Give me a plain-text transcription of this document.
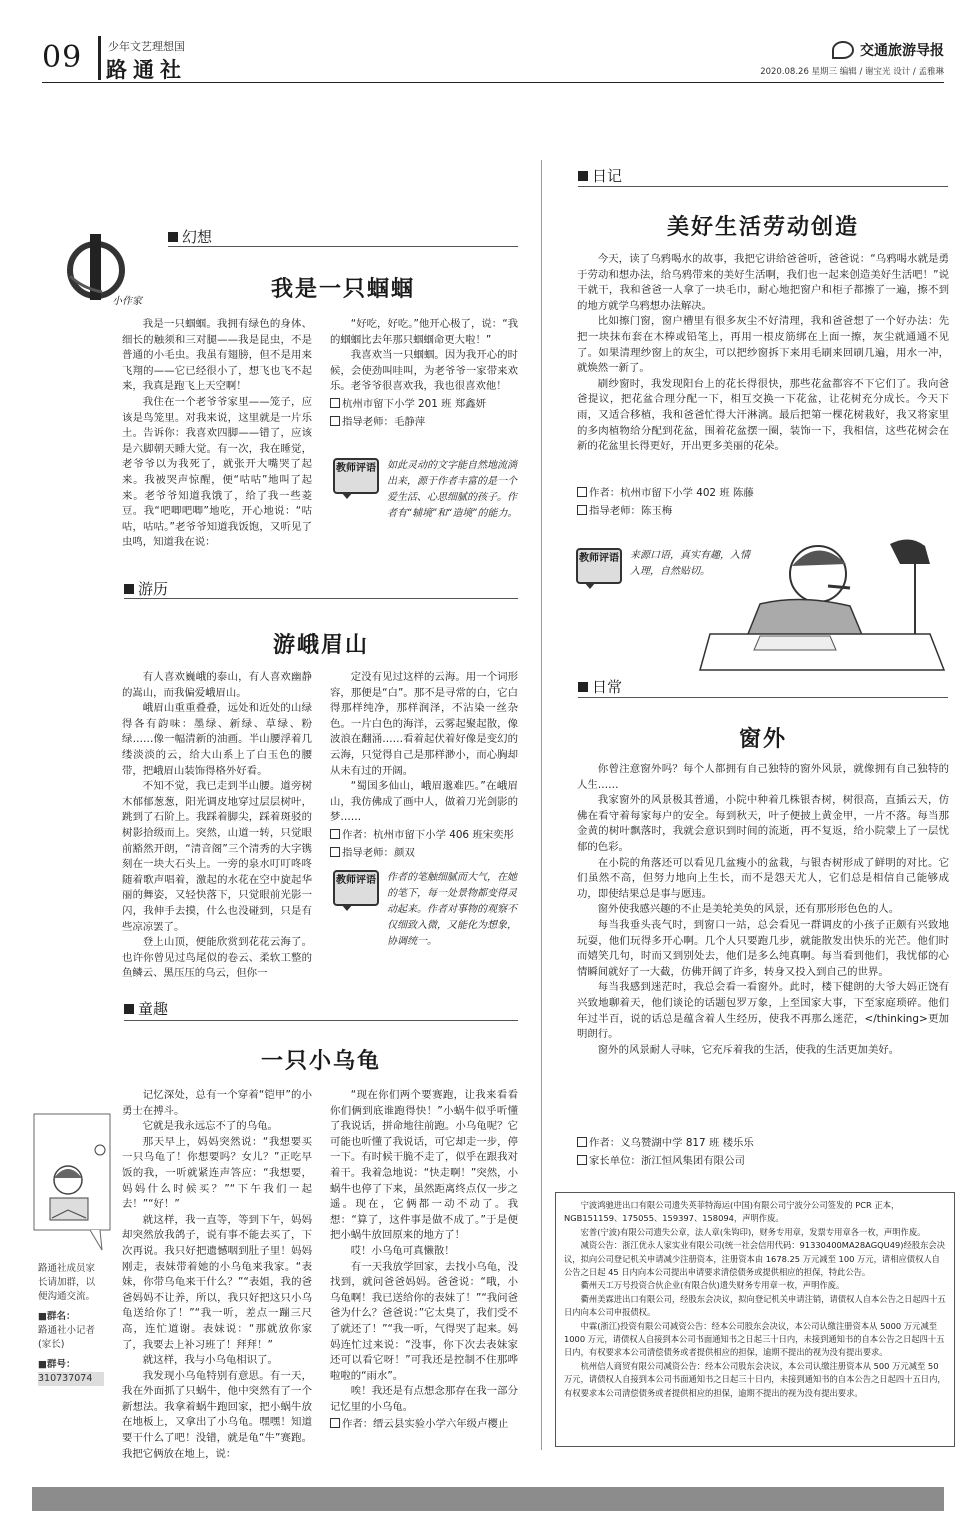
09 少年文艺理想国
路通社
交通旅游导报
2020.08.26 星期三 编辑 / 谢宝光 设计 / 孟雅琳
小作家
幻想
我是一只蝈蝈

我是一只蝈蝈。我拥有绿色的身体、细长的触须和三对腿——我是昆虫，不是普通的小毛虫。我虽有翅膀，但不是用来飞翔的——它已经很小了，想飞也飞不起来，我真是跑飞上天空啊！

我住在一个老爷爷家里——笼子，应该是鸟笼里。对我来说，这里就是一片乐土。告诉你：我喜欢四脚——错了，应该是六脚朝天睡大觉。有一次，我在睡觉，老爷爷以为我死了，就张开大嘴哭了起来。我被哭声惊醒，便“咕咕”地叫了起来。老爷爷知道我饿了，给了我一些菱豆。我“吧唧吧唧”地吃，开心地说：“咕咕，咕咕。”老爷爷知道我饭饱，又听见了虫鸣，知道我在说：

“好吃，好吃。”他开心极了，说：“我的蝈蝈比去年那只蝈蝈命更大啦！”

我喜欢当一只蝈蝈。因为我开心的时候，会使劲叫哇叫，为老爷爷一家带来欢乐。老爷爷很喜欢我，我也很喜欢他！

杭州市留下小学 201 班 郑鑫妍

指导老师：毛静萍

教师评语	如此灵动的文字能自然地流淌出来，源于作者丰富的是一个爱生活、心思细腻的孩子。作者有“辅境”和“造境”的能力。
游历
游峨眉山

有人喜欢巍峨的泰山，有人喜欢幽静的嵩山，而我偏爱峨眉山。

峨眉山重重叠叠，远处和近处的山绿得各有韵味：墨绿、新绿、草绿、粉绿……像一幅清新的油画。半山腰浮着几缕淡淡的云，给大山系上了白玉色的腰带，把峨眉山装饰得格外好看。

不知不觉，我已走到半山腰。道旁树木郁郁葱葱，阳光调皮地穿过层层树叶，跳到了石阶上。我踩着脚尖，踩着斑驳的树影拾级而上。突然，山道一转，只觉眼前豁然开朗，“清音阁”三个清秀的大字镌刻在一块大石头上。一旁的泉水叮叮咚咚随着歌声唱着，激起的水花在空中旋起华丽的舞姿，又轻快落下，只觉眼前光影一闪，我伸手去摸，什么也没碰到，只是有些凉凉罢了。

登上山顶，便能欣赏到花花云海了。也许你曾见过鸟尾似的卷云、柔软工整的鱼鳞云、黑压压的乌云，但你一

定没有见过这样的云海。用一个词形容，那便是“白”。那不是寻常的白，它白得那样纯净，那样润泽，不沾染一丝杂色。一片白色的海洋，云雾起聚起散，像波浪在翻涌……看着起伏着好像是变幻的云海，只觉得自己是那样渺小，而心胸却从未有过的开阔。

“蜀国多仙山，峨眉邈难匹。”在峨眉山，我仿佛成了画中人，做着刀光剑影的梦……

作者：杭州市留下小学 406 班宋奕彤

指导老师：颜双

教师评语	作者的笔触细腻而大气，在她的笔下，每一处景物都变得灵动起来。作者对事物的观察不仅细致入微，又能化为想象，协调统一。
童趣
一只小乌龟
路通社成员家长请加群，以便沟通交流。
■群名：
路通社小记者(家长)
■群号：
310737074

记忆深处，总有一个穿着“铠甲”的小勇士在搏斗。

它就是我永远忘不了的乌龟。

那天早上，妈妈突然说：“我想要买一只乌龟了！你想要吗？女儿？”正吃早饭的我，一听就紧连声答应：“我想要，妈妈什么时候买？”“下午我们一起去！”“好！”

就这样，我一直等，等到下午，妈妈却突然放我鸽子，说有事不能去买了，下次再说。我只好把遗憾咽到肚子里！妈妈刚走，表妹带着她的小乌龟来我家。“表妹，你带乌龟来干什么？”“表姐，我的爸爸妈妈不让养，所以，我只好把这只小乌龟送给你了！”“我一听，差点一蹦三尺高，连忙道谢。表妹说：“那就放你家了，我要去上补习班了！拜拜！”

就这样，我与小乌龟相识了。

我发现小乌龟特别有意思。有一天，我在外面抓了只蜗牛，他中突然有了一个新想法。我拿着蜗牛跑回家，把小蜗牛放在地板上，又拿出了小乌龟。嘿嘿！知道要干什么了吧！没错，就是龟“牛”赛跑。我把它俩放在地上，说：

“现在你们两个要赛跑，让我来看看你们俩到底谁跑得快！”小蜗牛似乎听懂了我说话，拼命地往前跑。小乌龟呢？它可能也听懂了我说话，可它却走一步，停一下。有时候干脆不走了，似乎在跟我对着干。我着急地说：“快走啊！”突然，小蜗牛也停了下来，虽然距离终点仅一步之遥。现在，它俩都一动不动了。我想：“算了，这件事是做不成了。”于是便把小蜗牛放回原来的地方了！

哎！小乌龟可真懒散！

有一天我放学回家，去找小乌龟，没找到，就问爸爸妈妈。爸爸说：“哦，小乌龟啊！我已送给你的表妹了！”“我问爸爸为什么？爸爸说：”它太臭了，我们受不了就还了！”“我一听，气得哭了起来。妈妈连忙过来说：“没事，你下次去表妹家还可以看它呀！”可我还是控制不住那哗啦啦的“雨水”。

唉！我还是有点想念那存在我一部分记忆里的小乌龟。

作者：缙云县实验小学六年级卢樱止

日记
美好生活劳动创造

今天，读了乌鸦喝水的故事，我把它讲给爸爸听，爸爸说：“乌鸦喝水就是勇于劳动和想办法，给乌鸦带来的美好生活啊，我们也一起来创造美好生活吧！”说干就干，我和爸爸一人拿了一块毛巾，耐心地把窗户和柜子都擦了一遍，擦不到的地方就学乌鸦想办法解决。

比如擦门窗，窗户槽里有很多灰尘不好清理，我和爸爸想了一个好办法：先把一块抹布套在木棒或铅笔上，再用一根皮筋绑在上面一擦，灰尘就通通不见了。如果清理纱窗上的灰尘，可以把纱窗拆下来用毛刷来回刷几遍，用水一冲，就焕然一新了。

刷纱窗时，我发现阳台上的花长得很快，那些花盆都容不下它们了。我向爸爸提议，把花盆合理分配一下，相互交换一下花盆，让花树充分成长。今天下雨，又适合移植，我和爸爸忙得大汗淋漓。最后把第一棵花树栽好，我又将家里的多肉植物给分配到花盆，围着花盆摆一圈，装饰一下，我相信，这些花树会在新的花盆里长得更好，开出更多美丽的花朵。

作者：杭州市留下小学 402 班 陈藤

指导老师：陈玉梅

教师评语	来源口语，真实有趣，入情入理，自然贴切。
日常
窗外

你曾注意窗外吗？每个人都拥有自己独特的窗外风景，就像拥有自己独特的人生……

我家窗外的风景极其普通，小院中种着几株银杏树，树很高，直插云天，仿佛在看守着每家每户的安全。每到秋天，叶子便披上黄金甲，一片不落。每当那金黄的树叶飘落时，我就会意识到时间的流逝，再不复返，给小院蒙上了一层忧郁的色彩。

在小院的角落还可以看见几盆瘦小的盆栽，与银杏树形成了鲜明的对比。它们虽然不高，但努力地向上生长，而不是怨天尤人，它们总是相信自己能够成功，即使结果总是事与愿违。

窗外使我感兴趣的不止是美轮美奂的风景，还有那形形色色的人。

每当我垂头丧气时，到窗口一站，总会看见一群调皮的小孩子正颇有兴致地玩耍，他们玩得多开心啊。几个人只要跑几步，就能散发出快乐的光芒。他们时而嬉笑几句，时而又到别处去，他们是多么纯真啊。每当看到他们，我忧郁的心情瞬间就好了一大截，仿佛开阔了许多，转身又投入到自己的世界。

每当我感到迷茫时，我总会看一看窗外。此时，楼下健朗的大爷大妈正饶有兴致地聊着天，他们谈论的话题包罗万象，上至国家大事，下至家庭琐碎。他们年过半百，说的话总是蕴含着人生经历，使我不再那么迷茫，</thinking>更加明朗行。

窗外的风景耐人寻味，它充斥着我的生活，使我的生活更加美好。

作者：义乌赞湖中学 817 班 楼乐乐

家长单位：浙江恒风集团有限公司

宁波鸿驰进出口有限公司遗失英菲特海运(中国)有限公司宁波分公司签发的 PCR 正本，NGB151159、175055、159397、158094，声明作废。

宏普(宁波)有限公司遗失公章，法人章(朱钩印)，财务专用章，发票专用章各一枚，声明作废。

减资公告：浙江优永人家实业有限公司(统一社会信用代码：91330400MA28AGQU49)经股东会决议，拟向公司登记机关申请减少注册资本，注册资本由 1678.25 万元减至 100 万元，请相应债权人自公告之日起 45 日内向本公司提出申请要求清偿债务或提供相应的担保，特此公告。

衢州天工万号投资合伙企业(有限合伙)遗失财务专用章一枚，声明作废。

衢州美霖进出口有限公司，经股东会决议，拟向登记机关申请注销，请债权人自本公告之日起四十五日内向本公司申报债权。

中霖(浙江)投资有限公司减资公告：经本公司股东会决议，本公司认缴注册资本从 5000 万元减至 1000 万元，请债权人自接到本公司书面通知书之日起三十日内，未接到通知书的自本公告之日起四十五日内，有权要求本公司清偿债务或者提供相应的担保，逾期不提出的视为没有提出要求。

杭州信人商贸有限公司减资公告：经本公司股东会决议，本公司认缴注册资本从 500 万元减至 50 万元，请债权人自接到本公司书面通知书之日起三十日内，未接到通知书的自本公告之日起四十五日内，有权要求本公司清偿债务或者提供相应的担保，逾期不提出的视为没有提出要求。
